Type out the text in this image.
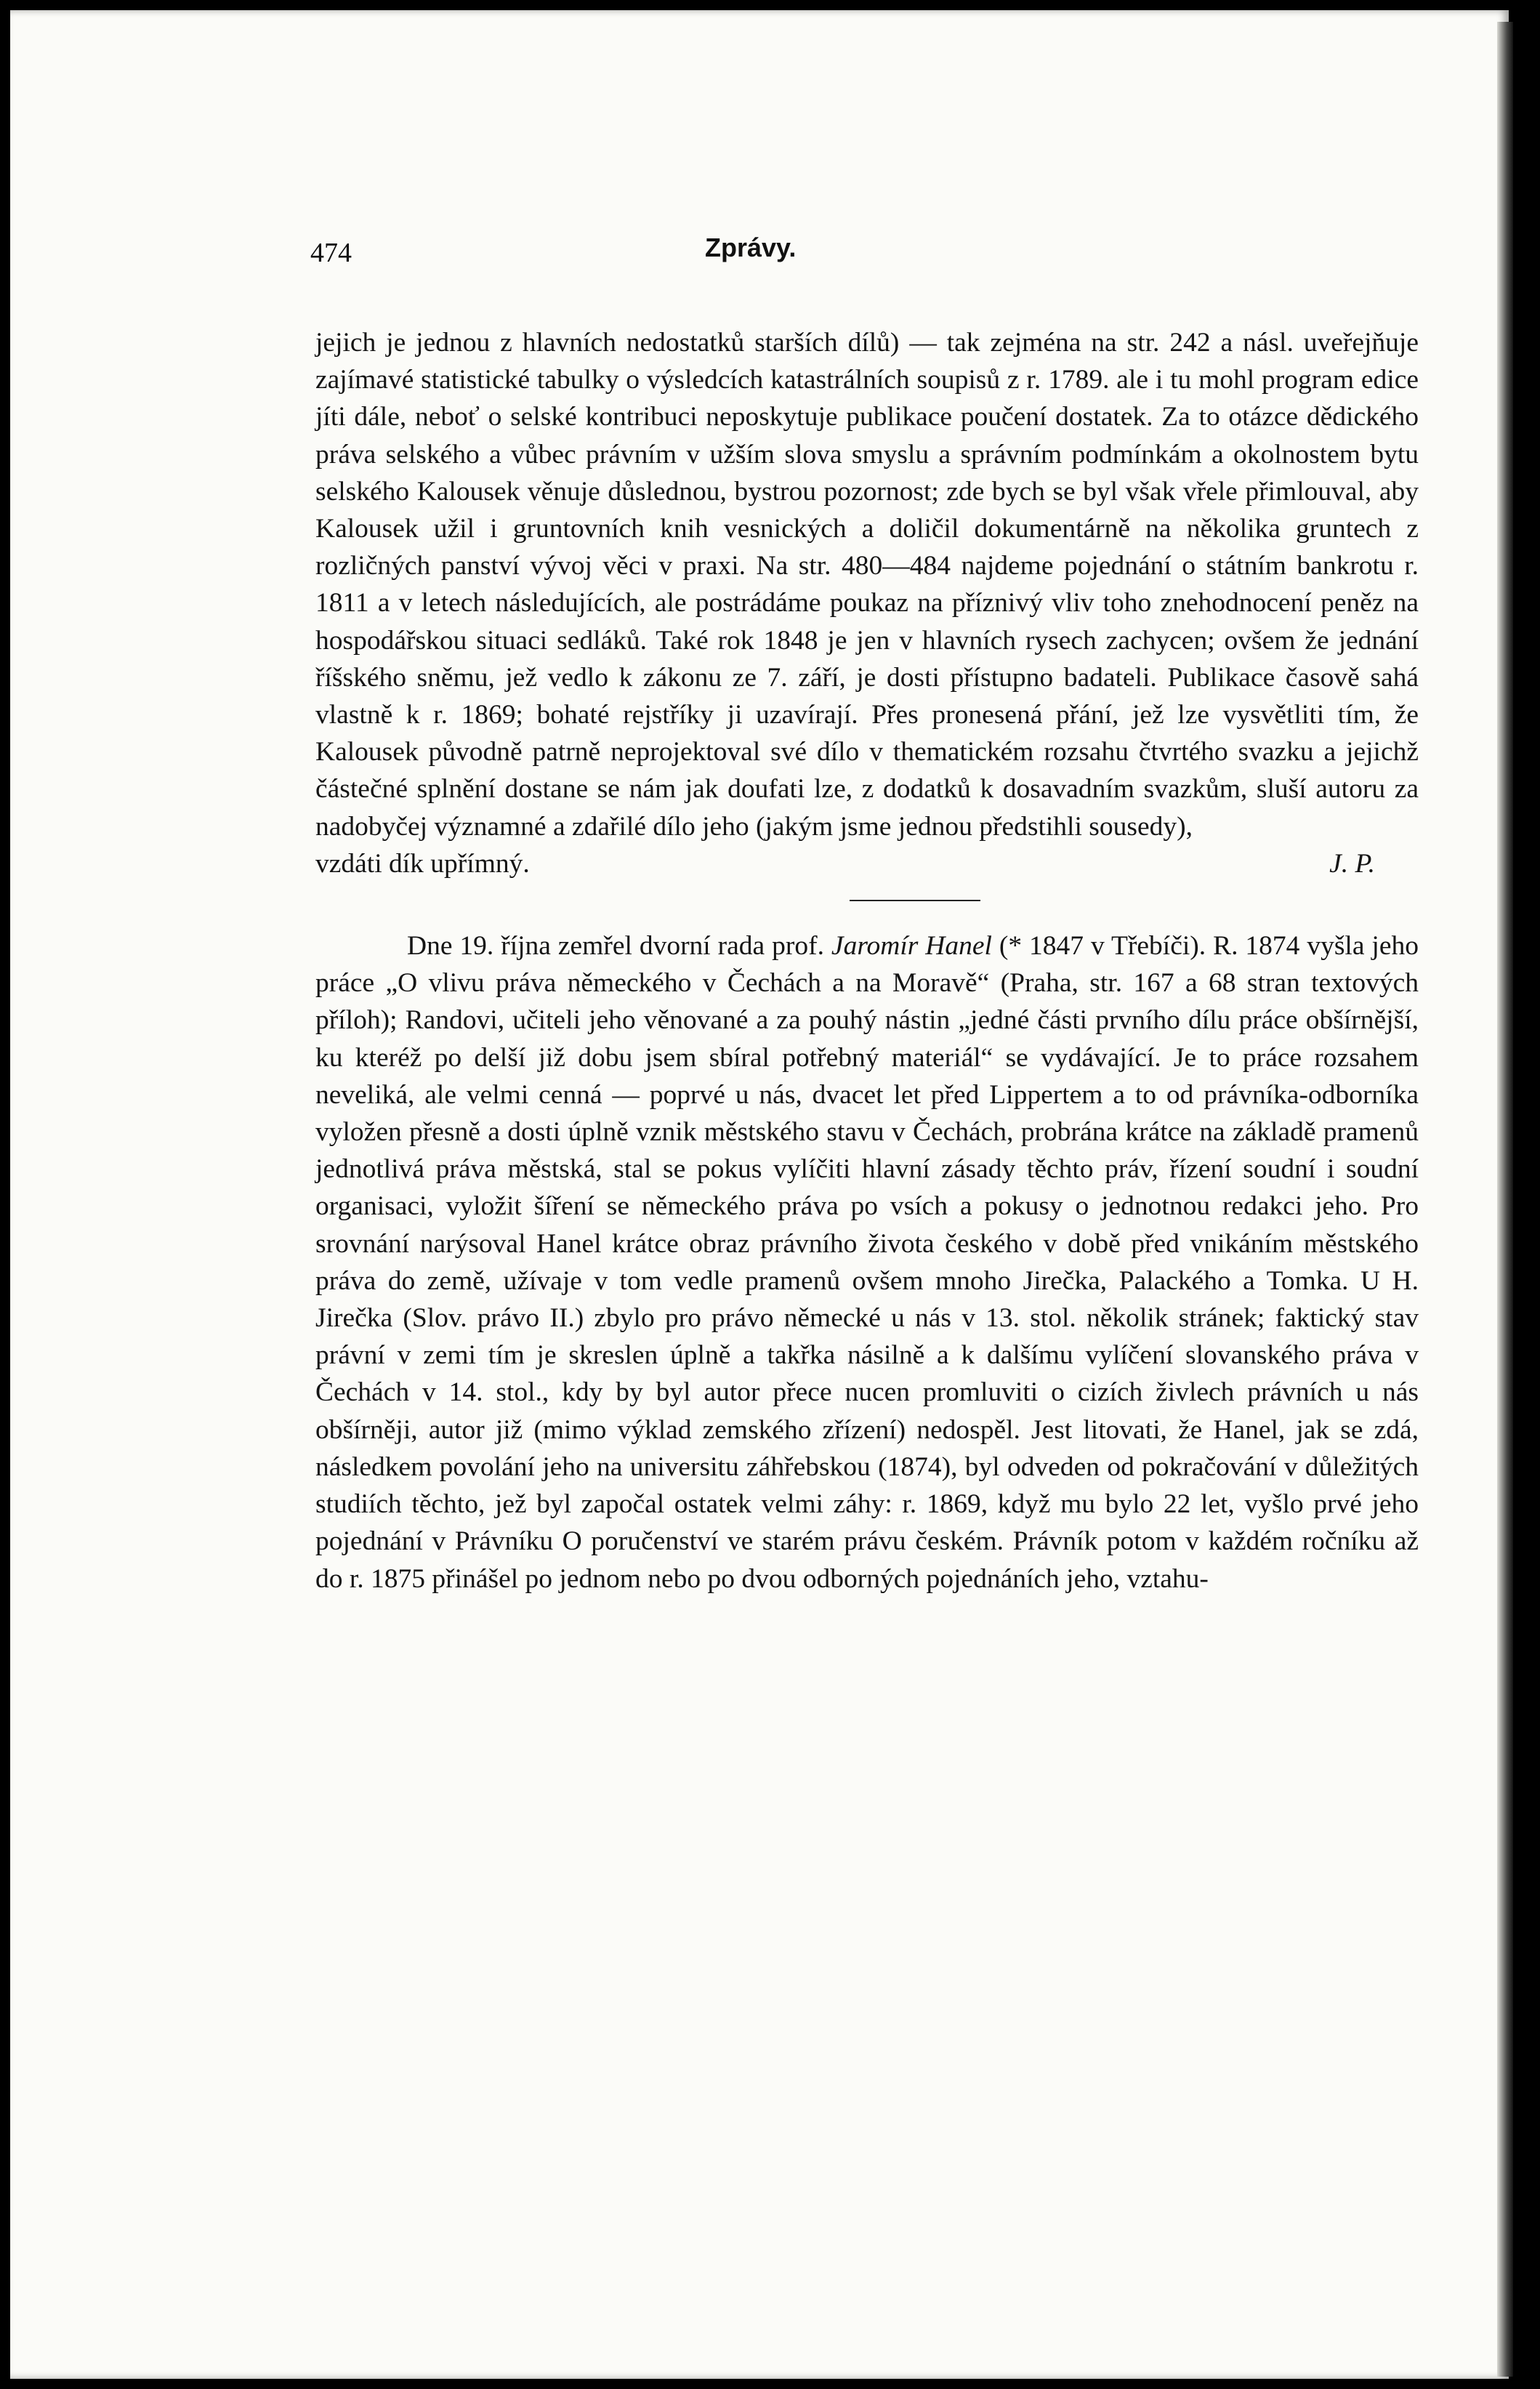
474	Zprávy.

jejich je jednou z hlavních nedostatků starších dílů) — tak zejména na str. 242 a násl. uveřejňuje zajímavé statistické tabulky o výsledcích katastrálních soupisů z r. 1789. ale i tu mohl program edice jíti dále, neboť o selské kontribuci neposkytuje publikace poučení dostatek. Za to otázce dědického práva selského a vůbec právním v užším slova smyslu a správním podmínkám a okolnostem bytu selského Kalousek věnuje důslednou, bystrou pozornost; zde bych se byl však vřele přimlouval, aby Kalousek užil i gruntovních knih vesnických a doličil dokumentárně na několika gruntech z rozličných panství vývoj věci v praxi. Na str. 480—484 najdeme pojednání o státním bankrotu r. 1811 a v letech následujících, ale postrádáme poukaz na příznivý vliv toho znehodnocení peněz na hospodářskou situaci sedláků. Také rok 1848 je jen v hlavních rysech zachycen; ovšem že jednání říšského sněmu, jež vedlo k zákonu ze 7. září, je dosti přístupno badateli. Publikace časově sahá vlastně k r. 1869; bohaté rejstříky ji uzavírají. Přes pronesená přání, jež lze vysvětliti tím, že Kalousek původně patrně neprojektoval své dílo v thematickém rozsahu čtvrtého svazku a jejichž částečné splnění dostane se nám jak doufati lze, z dodatků k dosavadním svazkům, sluší autoru za nadobyčej významné a zdařilé dílo jeho (jakým jsme jednou předstihli sousedy),

vzdáti dík upřímný.	J. P.

Dne 19. října zemřel dvorní rada prof. Jaromír Hanel (* 1847 v Třebíči). R. 1874 vyšla jeho práce „O vlivu práva německého v Čechách a na Moravě“ (Praha, str. 167 a 68 stran textových příloh); Randovi, učiteli jeho věnované a za pouhý nástin „jedné části prvního dílu práce obšírnější, ku kteréž po delší již dobu jsem sbíral potřebný materiál“ se vydávající. Je to práce rozsahem neveliká, ale velmi cenná — poprvé u nás, dvacet let před Lippertem a to od právníka-odborníka vyložen přesně a dosti úplně vznik městského stavu v Čechách, probrána krátce na základě pramenů jednotlivá práva městská, stal se pokus vylíčiti hlavní zásady těchto práv, řízení soudní i soudní organisaci, vyložit šíření se německého práva po vsích a pokusy o jednotnou redakci jeho. Pro srovnání narýsoval Hanel krátce obraz právního života českého v době před vnikáním městského práva do země, užívaje v tom vedle pramenů ovšem mnoho Jirečka, Palackého a Tomka. U H. Jirečka (Slov. právo II.) zbylo pro právo německé u nás v 13. stol. několik stránek; faktický stav právní v zemi tím je skreslen úplně a takřka násilně a k dalšímu vylíčení slovanského práva v Čechách v 14. stol., kdy by byl autor přece nucen promluviti o cizích živlech právních u nás obšírněji, autor již (mimo výklad zemského zřízení) nedospěl. Jest litovati, že Hanel, jak se zdá, následkem povolání jeho na universitu záhřebskou (1874), byl odveden od pokračování v důležitých studiích těchto, jež byl započal ostatek velmi záhy: r. 1869, když mu bylo 22 let, vyšlo prvé jeho pojednání v Právníku O poručenství ve starém právu českém. Právník potom v každém ročníku až do r. 1875 přinášel po jednom nebo po dvou odborných pojednáních jeho, vztahu-
